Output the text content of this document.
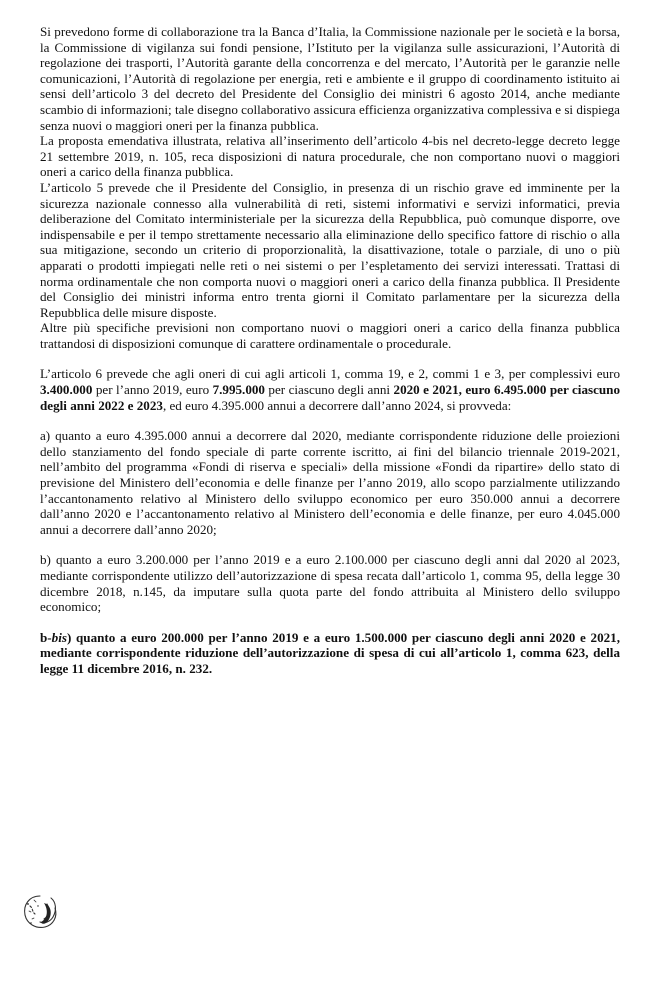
Si prevedono forme di collaborazione tra la Banca d’Italia, la Commissione nazionale per le società e la borsa, la Commissione di vigilanza sui fondi pensione, l’Istituto per la vigilanza sulle assicurazioni, l’Autorità di regolazione dei trasporti, l’Autorità garante della concorrenza e del mercato, l’Autorità per le garanzie nelle comunicazioni, l’Autorità di regolazione per energia, reti e ambiente e il gruppo di coordinamento istituito ai sensi dell’articolo 3 del decreto del Presidente del Consiglio dei ministri 6 agosto 2014, anche mediante scambio di informazioni; tale disegno collaborativo assicura efficienza organizzativa complessiva e si dispiega senza nuovi o maggiori oneri per la finanza pubblica.

La proposta emendativa illustrata, relativa all’inserimento dell’articolo 4-bis nel decreto-legge decreto legge 21 settembre 2019, n. 105, reca disposizioni di natura procedurale, che non comportano nuovi o maggiori oneri a carico della finanza pubblica.

L’articolo 5 prevede che il Presidente del Consiglio, in presenza di un rischio grave ed imminente per la sicurezza nazionale connesso alla vulnerabilità di reti, sistemi informativi e servizi informatici, previa deliberazione del Comitato interministeriale per la sicurezza della Repubblica, può comunque disporre, ove indispensabile e per il tempo strettamente necessario alla eliminazione dello specifico fattore di rischio o alla sua mitigazione, secondo un criterio di proporzionalità, la disattivazione, totale o parziale, di uno o più apparati o prodotti impiegati nelle reti o nei sistemi o per l’espletamento dei servizi interessati. Trattasi di norma ordinamentale che non comporta nuovi o maggiori oneri a carico della finanza pubblica. Il Presidente del Consiglio dei ministri informa entro trenta giorni il Comitato parlamentare per la sicurezza della Repubblica delle misure disposte.

Altre più specifiche previsioni non comportano nuovi o maggiori oneri a carico della finanza pubblica trattandosi di disposizioni comunque di carattere ordinamentale o procedurale.

L’articolo 6 prevede che agli oneri di cui agli articoli 1, comma 19, e 2, commi 1 e 3, per complessivi euro 3.400.000 per l’anno 2019, euro 7.995.000 per ciascuno degli anni 2020 e 2021, euro 6.495.000 per ciascuno degli anni 2022 e 2023, ed euro 4.395.000 annui a decorrere dall’anno 2024, si provveda:

a) quanto a euro 4.395.000 annui a decorrere dal 2020, mediante corrispondente riduzione delle proiezioni dello stanziamento del fondo speciale di parte corrente iscritto, ai fini del bilancio triennale 2019-2021, nell’ambito del programma «Fondi di riserva e speciali» della missione «Fondi da ripartire» dello stato di previsione del Ministero dell’economia e delle finanze per l’anno 2019, allo scopo parzialmente utilizzando l’accantonamento relativo al Ministero dello sviluppo economico per euro 350.000 annui a decorrere dall’anno 2020 e l’accantonamento relativo al Ministero dell’economia e delle finanze, per euro 4.045.000 annui a decorrere dall’anno 2020;

b) quanto a euro 3.200.000 per l’anno 2019 e a euro 2.100.000 per ciascuno degli anni dal 2020 al 2023, mediante corrispondente utilizzo dell’autorizzazione di spesa recata dall’articolo 1, comma 95, della legge 30 dicembre 2018, n.145, da imputare sulla quota parte del fondo attribuita al Ministero dello sviluppo economico;

b-bis) quanto a euro 200.000 per l’anno 2019 e a euro 1.500.000 per ciascuno degli anni 2020 e 2021, mediante corrispondente riduzione dell’autorizzazione di spesa di cui all’articolo 1, comma 623, della legge 11 dicembre 2016, n. 232.
